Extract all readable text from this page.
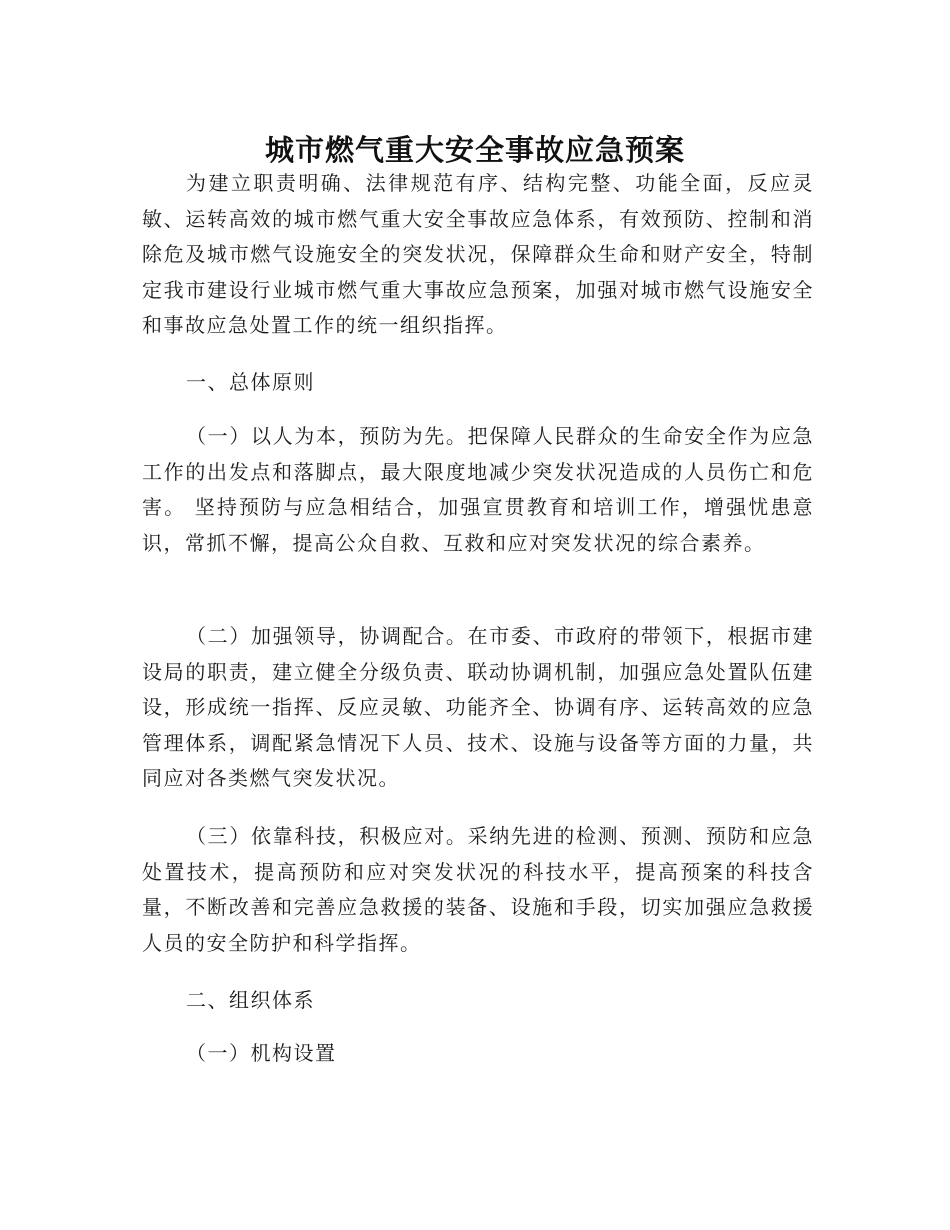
城市燃气重大安全事故应急预案

为建立职责明确、法律规范有序、结构完整、功能全面，反应灵敏、运转高效的城市燃气重大安全事故应急体系，有效预防、控制和消除危及城市燃气设施安全的突发状况，保障群众生命和财产安全，特制定我市建设行业城市燃气重大事故应急预案，加强对城市燃气设施安全和事故应急处置工作的统一组织指挥。

一、总体原则

（一）以人为本，预防为先。把保障人民群众的生命安全作为应急工作的出发点和落脚点，最大限度地减少突发状况造成的人员伤亡和危害。 坚持预防与应急相结合，加强宣贯教育和培训工作，增强忧患意识，常抓不懈，提高公众自救、互救和应对突发状况的综合素养。

（二）加强领导，协调配合。在市委、市政府的带领下，根据市建设局的职责，建立健全分级负责、联动协调机制，加强应急处置队伍建设，形成统一指挥、反应灵敏、功能齐全、协调有序、运转高效的应急管理体系，调配紧急情况下人员、技术、设施与设备等方面的力量，共同应对各类燃气突发状况。

（三）依靠科技，积极应对。采纳先进的检测、预测、预防和应急处置技术，提高预防和应对突发状况的科技水平，提高预案的科技含量，不断改善和完善应急救援的装备、设施和手段，切实加强应急救援人员的安全防护和科学指挥。

二、组织体系

（一）机构设置
